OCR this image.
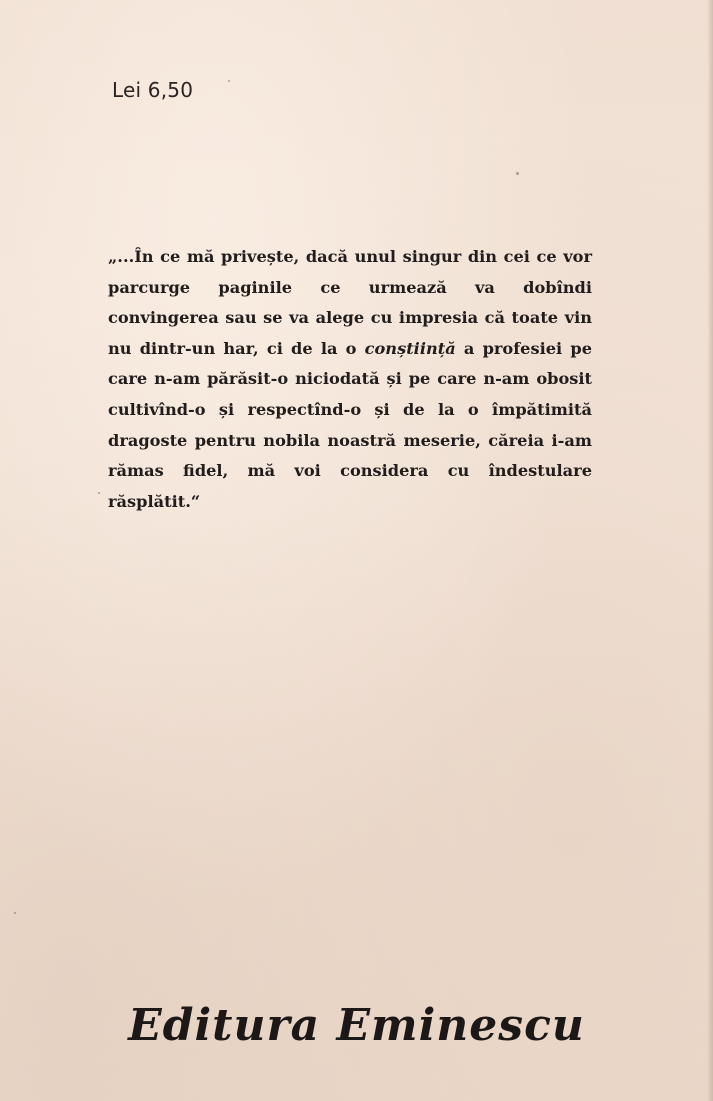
Lei 6,50

„...În ce mă privește, dacă unul singur din cei ce vor parcurge paginile ce urmează va dobîndi convingerea sau se va alege cu impresia că toate vin nu dintr-un har, ci de la o conștiință a profesiei pe care n-am părăsit-o niciodată și pe care n-am obosit cultivînd-o și respectînd-o și de la o împătimită dragoste pentru nobila noastră meserie, căreia i-am rămas fidel, mă voi considera cu îndestulare răsplătit.“

Editura Eminescu
